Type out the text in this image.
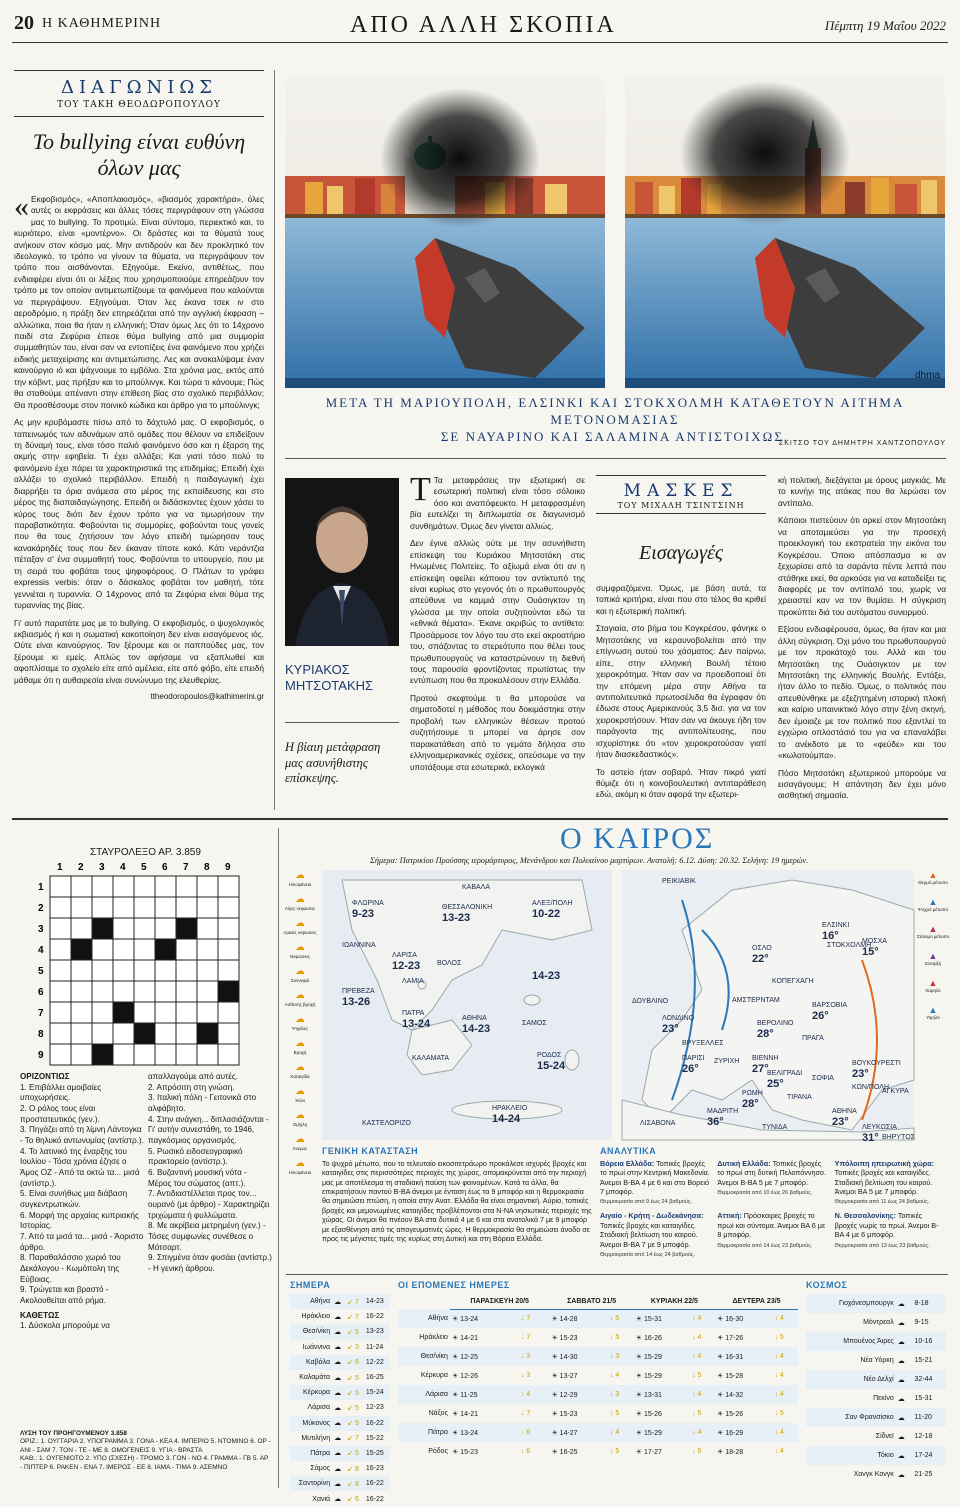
20 Η ΚΑΘΗΜΕΡΙΝΗ	ΑΠΟ ΑΛΛΗ ΣΚΟΠΙΑ	Πέμπτη 19 Μαΐου 2022
ΔΙΑΓΩΝΙΩΣ
ΤΟΥ ΤΑΚΗ ΘΕΟΔΩΡΟΠΟΥΛΟΥ
Το bullying είναι ευθύνη όλων μας

« Εκφοβισμός», «Αποπλακισμός», «βιασμός χαρακτήρα», όλες αυτές οι εκφράσεις και άλλες τόσες περιγράφουν στη γλώσσα μας το bullying. Το προτιμώ. Είναι σύντομο, περιεκτικό και, το κυριότερο, είναι «μοντέρνο». Οι δράστες και τα θύματά τους ανήκουν στον κόσμο μας. Μην αντιδρούν και δεν προκλητικό τον ιδεολογικό, το τρόπο να γίνουν τα θύματα, να περιγράψουν τον τρόπο που αισθάνονται. Εξηγούμε. Εκείνο, αντιθέτως, που ενδιαφέρει είναι ότι οι λέξεις που χρησιμοποιούμε επηρεάζουν τον τρόπο με τον οποίον αντιμετωπίζουμε τα φαινόμενα που καλούνται να περιγράψουν. Εξηγούμαι. Όταν λες έκανα τσεκ ιν στο αεροδρόμιο, η πράξη δεν επηρεάζεται από την αγγλική έκφραση – αλλιώτικα, ποια θα ήταν η ελληνική; Όταν όμως λες ότι το 14χρονο παιδί στα Ζεφύρια έπεσε θύμα bullying από μια συμμορία συμμαθητών του, είναι σαν να εντοπίζεις ένα φαινόμενο που χρήζει ειδικής μεταχείρισης και αντιμετώπισης. Λες και ανακαλύψαμε έναν καινούργιο ιό και ψάχνουμε το εμβόλιο. Στα χρόνια μας, εκτός από την κόβιντ, μας πρήξαν και το μπούλινγκ. Και τώρα τι κάνουμε; Πώς θα σταθούμε απέναντι στην επίθεση βίας στο σχολικό περιβάλλον; Θα προσθέσουμε στον ποινικό κώδικα και άρθρο για το μπούλινγκ;

Ας μην κρυβόμαστε πίσω από το δάχτυλό μας. Ο εκφοβισμός, ο ταπεινωμός των αδυνάμων από ομάδες που θέλουν να επιδείξουν τη δύναμή τους, είναι τόσο παλιό φαινόμενο όσο και η έξαρση της ακμής στην εφηβεία. Τι έχει αλλάξει; Και γιατί τόσο πολύ το φαινόμενο έχει πάρει τα χαρακτηριστικά της επιδημίας; Επειδή έχει αλλάξει το σχολικό περιβάλλον. Επειδή η παιδαγωγική έχει διαρρήξει τα όρια ανάμεσα στο μέρος της εκπαίδευσης και στο μέρος της διαπαιδαγώγησης. Επειδή οι διδάσκοντες έχουν χάσει το κύρος τους διότι δεν έχουν τρόπο για να τιμωρήσουν την παραβατικότητα. Φοβούνται τις συμμορίες, φοβούνται τους γονείς που θα τους ζητήσουν τον λόγο επειδή τιμώρησαν τους κανακάρηδές τους που δεν έκαναν τίποτε κακό. Κάτι νεράντζια πέταξαν σ' ένα συμμαθητή τους. Φοβούνται το υπουργείο, που με τη σειρά του φοβάται τους ψηφοφόρους. Ο Πλάτων το γράφει expressis verbis: όταν ο δάσκαλος φοβάται τον μαθητή, τότε γεννιέται η τυραννία. Ο 14χρονος από τα Ζεφύρια είναι θύμα της τυραννίας της βίας.

Γι' αυτό παρατάτε μας με το bullying. Ο εκφοβισμός, ο ψυχολογικός εκβιασμός ή και η σωματική κακοποίηση δεν είναι εισαγόμενος ιός. Ούτε είναι καινούργιος. Τον ξέρουμε και οι παππούδες μας, τον ξέρουμε κι εμείς. Απλώς τον αφήσαμε να εξαπλωθεί και αφοπλίσαμε το σχολείο είτε από αμέλεια, είτε από φόβο, είτε επειδή μάθαμε ότι η αυθαιρεσία είναι συνώνυμο της ελευθερίας.

ttheodoropoulos@kathimerini.gr
dhma
ΜΕΤΑ ΤΗ ΜΑΡΙΟΥΠΟΛΗ, ΕΛΣΙΝΚΙ ΚΑΙ ΣΤΟΚΧΟΛΜΗ ΚΑΤΑΘΕΤΟΥΝ ΑΙΤΗΜΑ ΜΕΤΟΝΟΜΑΣΙΑΣ
ΣΕ ΝΑΥΑΡΙΝΟ ΚΑΙ ΣΑΛΑΜΙΝΑ ΑΝΤΙΣΤΟΙΧΩΣ.
ΣΚΙΤΣΟ ΤΟΥ ΔΗΜΗΤΡΗ ΧΑΝΤΖΟΠΟΥΛΟΥ
ΚΥΡΙΑΚΟΣ
ΜΗΤΣΟΤΑΚΗΣ
Η βίαιη μετάφραση μας ασυνήθιστης επίσκεψης.

Τ Τα μεταφράσεις την εξωτερική σε εσωτερική πολιτική είναι τόσο σόλοικο όσο και αναπόφευκτο. Η μεταφρασμένη βία ευτελίζει τη διπλωματία σε διαγωνισμό συνθημάτων. Όμως δεν γίνεται αλλιώς.

Δεν έγινε αλλιώς ούτε με την ασυνήθιστη επίσκεψη του Κυριάκου Μητσοτάκη στις Ηνωμένες Πολιτείες. Το αξίωμά είναι ότι αν η επίσκεψη οφείλει κάποιου τον αντίκτυπό της είναι κυρίως στο γεγονός ότι ο πρωθυπουργός απεύθυνε να καμμιά στην Ουάσιγκτον τη γλώσσα με την οποία συζητιούνται εδώ τα «εθνικά θέματα». Έκανε ακριβώς το αντίθετο: Προσάρμοσε τον λόγο του στο εκεί ακροατήριο του, σπάζοντας το στερεότυπο που θέλει τους πρωθυπουργούς να καταστρώνουν τη διεθνή τους παρουσία φροντίζοντας πρωτίστως την εντύπωση που θα προκαλέσουν στην Ελλάδα.

Προτού σκεφτούμε τι θα μπορούσε να σηματοδοτεί η μέθοδος που δοκιμάστηκε στην προβολή των ελληνικών θέσεων προτού συζητήσουμε τι μπορεί να άρησε σον παρακατάθεση από το γεμάτο δήλησα στο ελληνοαμερικανικές σχέσεις, οπεύσωμε να την υποτάξουμε στα εσωτερικά, εκλογικά

ΜΑΣΚΕΣ
ΤΟΥ ΜΙΧΑΛΗ ΤΣΙΝΤΣΙΝΗ
Εισαγωγές

συμφραζόμενα. Όμως, με βάση αυτά, τα τοπικά κριτήρια, είναι που στο τέλος θα κριθεί και η εξωτερική πολιτική.

Σταγιαία, στο βήμα του Κογκρέσου, φάνηκε ο Μητσοτάκης να κεραυνοβολείται από την επίγνωση αυτού του χάσματος: Δεν παίρνω, είπε, στην ελληνική Βουλή τέτοιο χειροκρότημα. Ήταν σαν να προειδοποιεί ότι την επόμενη μέρα στην Αθήνα τα αντιπολιτευτικά πρωτοσέλιδα θα έγραφαν ότι έδωσε στους Αμερικανούς 3,5 δισ. για να τον χειροκροτήσουν. Ήταν σαν να άκουγε ήδη τον παράγοντα της αντιπολίτευσης, που ισχυρίστηκε ότι «τον χειροκροτούσαν γιατί ήταν διασκεδαστικός».

Το αστείο ήταν σοβαρό. Ήταν πικρό γιατί θύμιζε ότι η κοινοβουλευτική αντιπαράθεση εδώ, ακόμη κι όταν αφορά την εξωτερι-

κή πολιτική, διεξάγεται με όρους μαγκιάς. Με το κυνήγι της ατάκας που θα λερώσει τον αντίπαλο.

Κάποιοι πιστεύουν ότι αρκεί στον Μητσοτάκη να αποταμιεύσει για την προσεχή προεκλογική του εκστρατεία την εικόνα του Κογκρέσου. Όποιο απόσπασμα κι αν ξεχωρίσει από τα σαράντα πέντε λεπτά που στάθηκε εκεί, θα αρκούσε για να καταδείξει τις διαφορές με τον αντίπαλό του, χωρίς να χρειαστεί καν να τον θυμίσει. Η σύγκριση προκύπτει διά του αυτόματου συνειρμού.

Εξίσου ενδιαφέρουσα, όμως, θα ήταν και μια άλλη σύγκριση. Όχι μόνο του πρωθυπουργού με τον προκάτοχό του. Αλλά και του Μητσοτάκη της Ουάσιγκτον με τον Μητσοτάκη της ελληνικής Βουλής. Εντάξει, ήταν άλλο το πεδίο. Όμως, ο πολιτικός που απευθύνθηκε με εξεζητημένη ιστορική πλοκή και καίριο υπαινικτικό λόγο στην ξένη σκηνή, δεν έμοιαζε με τον πολιτικό που εξαντλεί το εγχώριο οπλοστάσιό του για να επαναλάβει το ανέκδοτο με το «φεύδε» και του «κωλοτούμπα».

Πόσο Μητσοτάκη εξωτερικού μπορούμε να εισαγάγουμε; Η απάντηση δεν έχει μόνο αισθητική σημασία.

ΣΤΑΥΡΟΛΕΞΟ ΑΡ. 3.859
1 2 3 4 5 6 7 8 9
1
2
3
4
5
6
7
8
9
ΟΡΙΖΟΝΤΙΩΣ
1. Επιβάλλει αμοιβαίες υποχωρήσεις.
2. Ο ρόλος τους είναι προστατευτικός (γεν.).
3. Πηγάζει από τη λίμνη Λάντογκα - Το θηλυκό αντωνυμίας (αντίστρ.).
4. Το λατινικό της έναρξης του Ιουλίου - Τόσα χρόνια έζησε ο Άμος ΟΖ - Από τα οκτώ τα... μισά (αντίστρ.).
5. Είναι συνήθως μια διάβαση συγκεντρωτικών.
6. Μορφή της αρχαίας κυπριακής Ιστορίας.
7. Από τα μισά τα... μισά - Άοριστο άρθρο.
8. Παραθαλάσσιο χωριό του Δεκάλογου - Κωμόπολη της Εύβοιας.
9. Τρώγεται και βραστό - Ακολουθείται από ρήμα.
ΚΑΘΕΤΩΣ
1. Δύσκολα μπορούμε να
απαλλαγούμε από αυτές.
2. Απρόσιτη στη γνώση.
3. Ιταλική πόλη - Γειτονικά στο αλφάβητο.
4. Στην ανάγκη... διπλασιάζονται - Γι' αυτήν συνεστάθη, το 1946, παγκόσμιος οργανισμός.
5. Ρωσικό ειδοσεογραφικό πρακτορείο (αντίστρ.).
6. Βυζαντινή μουσική νότα - Μέρος του σώματος (απτ.).
7. Αντιδιαστέλλεται προς τον... ουρανό (με άρθρο) - Χαρακτηρίζει τριχώματα ή φυλλώματα.
8. Με ακρίβεια μετρημένη (γεν.) - Τόσες συμφωνίες συνέθεσε ο Μότσαρτ.
9. Σπιγμένα όταν φυσάει (αντίστρ.) - Η γενική άρθρου.
ΛΥΣΗ ΤΟΥ ΠΡΟΗΓΟΥΜΕΝΟΥ 3.858
ΟΡΙΖ.: 1. ΟΥΓΓΑΡΙΑ 2. ΥΠΟΓΡΑΜΜΑ 3. ΓΟΝΑ - ΚΕΑ 4. ΙΜΠΕΡΙΟ 5. ΝΤΟΜΙΝΟ 6. ΟΡ - ΑΝΙ - ΣΑΜ 7. ΤΟΝ - ΤΕ - ΜΕ 8. ΟΜΟΓΕΝΕΙΣ 9. ΥΓΙΑ - ΒΡΑΣΤΑ
ΚΑΘ.: 1. ΟΥΓΕΝΙΟΤΟ 2. ΥΠΟ (ΣΧΕΣΗ) - ΤΡΟΜΟ 3. ΓΟΝ - ΝΟ 4. ΓΡΑΜΜΑ - ΓΒ 5. ΑΡ - ΠΙΠΤΕΡ 6. ΡΑΚΕΝ - ΕΝΑ 7. ΙΜΕΡΟΣ - ΕΕ 8. ΙΑΜΑ - ΤΙΜΑ 9. ΑΣΕΜΝΟ
Ο ΚΑΙΡΟΣ
Σήμερα: Πατρικίου Προύσσης ιερομάρτυρος, Μενάνδρου και Πολυαίνου μαρτύρων. Ανατολή: 6.12. Δύση: 20.32. Σελήνη: 19 ημερών.
☁
Ηλιοφάνεια
☁
Λίγες νεφώσεις
☁
Αραιές νεφώσεις
☁
Νεφώσεις
☁
Συννεφιά
☁
Ασθενής βροχή
☁
Ψιχάλες
☁
Βροχή
☁
Καταιγίδα
☁
Χιόνι
☁
Ομίχλη
☁
Άνεμος
☁
Ηλιοφάνεια
▲
Θερμό μέτωπο
▲
Ψυχρό μέτωπο
▲
Στάσιμο μέτωπο
▲
Σύσφιξη
▲
Χαμηλό
▲
Υψηλό
ΦΛΩΡΙΝΑ
9-23
ΚΑΒΑΛΑ
ΘΕΣΣΑΛΟΝΙΚΗ
13-23
ΑΛΕΞ/ΠΟΛΗ
10-22
ΙΩΑΝΝΙΝΑ
ΛΑΡΙΣΑ
12-23 ΒΟΛΟΣ
ΛΑΜΙΑ	14-23
ΠΡΕΒΕΖΑ
13-26
ΠΑΤΡΑ
13-24	ΑΘΗΝΑ
14-23	ΣΑΜΟΣ
ΚΑΛΑΜΑΤΑ	ΡΟΔΟΣ
15-24
ΗΡΑΚΛΕΙΟ
14-24
ΚΑΣΤΕΛΟΡΙΖΟ
ΡΕΙΚΙΑΒΙΚ
ΕΛΣΙΝΚΙ
16°
ΣΤΟΚΧΟΛΜΗ
ΟΣΛΟ
22°
ΜΟΣΧΑ
15°
ΚΟΠΕΓΧΑΓΗ
ΔΟΥΒΛΙΝΟ	ΑΜΣΤΕΡΝΤΑΜ
ΒΑΡΣΟΒΙΑ
26°
ΛΟΝΔΙΝΟ
23°	ΒΕΡΟΛΙΝΟ
28°
ΒΡΥΞΕΛΛΕΣ
ΠΡΑΓΑ
ΠΑΡΙΣΙ
26°
ΖΥΡΙΧΗ ΒΙΕΝΝΗ
27°
ΒΕΛΙΓΡΑΔΙ
25°
ΒΟΥΚΟΥΡΕΣΤΙ
23°
ΣΟΦΙΑ
ΡΩΜΗ
28°
ΤΙΡΑΝΑ
ΚΩΝ/ΠΟΛΗ
ΑΓΚΥΡΑ
ΜΑΔΡΙΤΗ
36°
ΛΙΣΑΒΟΝΑ
ΑΘΗΝΑ
23° ΛΕΥΚΩΣΙΑ
31°
ΤΥΝΙΔΑ
ΒΗΡΥΤΟΣ
ΓΕΝΙΚΗ ΚΑΤΑΣΤΑΣΗ
Το ψυχρό μέτωπο, που το τελευταίο εικοσιτετράωρο προκάλεσε ισχυρές βροχές και καταιγίδες στις περισσότερες περιοχές της χώρας, απομακρύνεται από την περιοχή μας με αποτέλεσμα τη σταδιακή παύση των φαινομένων. Κατά τα άλλα, θα επικρατήσουν παντού Β-ΒΑ άνεμοι με ένταση έως τα 9 μποφόρ και η θερμοκρασία θα σημειώσει πτώση, η οποία στην Ανατ. Ελλάδα θα είναι σημαντική. Αύριο, τοπικές βροχές και μεμονωμένες καταιγίδες προβλέπονται στα Ν-ΝΑ νησιωτικές περιοχές της χώρας. Οι άνεμοι θα πνέουν ΒΑ στα δυτικά 4 με 6 και στα ανατολικά 7 με 9 μποφόρ με εξασθένηση από τις απογευματινές ώρες. Η θερμοκρασία θα σημειώσει άνοδο σε προς τις μέγιστες τιμές της κυρίως στη Δυτική και στη Βόρεια Ελλάδα.
ΑΝΑΛΥΤΙΚΑ
Βόρεια Ελλάδα: Τοπικές βροχές το πρωί στην Κεντρική Μακεδονία. Άνεμοι Β-ΒΑ 4 με 6 και στο Βορειό 7 μποφόρ.
Θερμοκρασία από 9 έως 24 βαθμούς.
Δυτική Ελλάδα: Τοπικές βροχές το πρωί στη δυτική Πελοπόννησο. Άνεμοι Β-ΒΑ 5 με 7 μποφόρ.
Θερμοκρασία από 10 έως 26 βαθμούς.
Υπόλοιπη ηπειρωτική χώρα: Τοπικές βροχές και καταιγίδες. Σταδιακή βελτίωση του καιρού. Άνεμοι ΒΑ 5 με 7 μποφόρ.
Θερμοκρασία από 11 έως 24 βαθμούς.
Αιγαίο - Κρήτη - Δωδεκάνησα: Τοπικές βροχές και καταιγίδες. Σταδιακή βελτίωση του καιρού. Άνεμοι Β-ΒΑ 7 με 9 μποφόρ.
Θερμοκρασία από 14 έως 24 βαθμούς.
Αττική: Πρόσκαιρες βροχές το πρωί και σύντομα. Άνεμοι ΒΑ 6 με 8 μποφόρ.
Θερμοκρασία από 14 έως 23 βαθμούς.
Ν. Θεσσαλονίκης: Τοπικές βροχές νωρίς το πρωί. Άνεμοι Β-ΒΑ 4 με 6 μποφόρ.
Θερμοκρασία από 13 έως 23 βαθμούς.
ΣΗΜΕΡΑ
Αθήνα	☁	↙ 7	14-23
Ηράκλειο	☁	↙ 7	16-22
Θεσ/νίκη	☁	↙ 5	13-23
Ιωάννινα	☁	↙ 3	11-24
Καβάλα	☁	↙ 6	12-22
Καλαμάτα	☁	↙ 5	16-25
Κέρκυρα	☁	↙ 5	15-24
Λάρισα	☁	↙ 5	12-23
Μύκονος	☁	↙ 9	16-22
Μυτιλήνη	☁	↙ 7	15-22
Πάτρα	☁	↙ 5	15-25
Σάμος	☁	↙ 8	16-23
Σαντορίνη	☁	↙ 8	16-22
Χανιά	☁	↙ 6	16-22
ΟΙ ΕΠΟΜΕΝΕΣ ΗΜΕΡΕΣ
	ΠΑΡΑΣΚΕΥΗ 20/5		ΣΑΒΒΑΤΟ 21/5		ΚΥΡΙΑΚΗ 22/5		ΔΕΥΤΕΡΑ 23/5	
Αθήνα	☀ 13-24	↓ 7	☀ 14-28	↓ 5	☀ 15-31	↓ 4	☀ 16-30	↓ 4
Ηράκλειο	☀ 14-21	↓ 7	☀ 15-23	↓ 5	☀ 16-26	↓ 4	☀ 17-26	↓ 5
Θεσ/νίκη	☀ 12-25	↓ 3	☀ 14-30	↓ 3	☀ 15-29	↓ 4	☀ 16-31	↓ 4
Κέρκυρα	☀ 12-26	↓ 3	☀ 13-27	↓ 4	☀ 15-29	↓ 5	☀ 15-28	↓ 4
Λάρισα	☀ 11-25	↓ 4	☀ 12-29	↓ 3	☀ 13-31	↓ 4	☀ 14-32	↓ 4
Νάξος	☀ 14-21	↓ 7	☀ 15-23	↓ 5	☀ 15-26	↓ 5	☀ 15-26	↓ 5
Πάτρα	☀ 13-24	↓ 6	☀ 14-27	↓ 4	☀ 15-29	↓ 4	☀ 16-29	↓ 4
Ρόδος	☀ 15-23	↓ 6	☀ 16-25	↓ 5	☀ 17-27	↓ 5	☀ 18-28	↓ 4
ΚΟΣΜΟΣ
Γιοχάνεσμπουργκ	☁	8-18
Μόντρεαλ	☁	9-15
Μπουένος Άιρες	☁	10-16
Νέα Υόρκη	☁	15-21
Νέο Δελχί	☁	32-44
Πεκίνο	☁	15-31
Σαν Φρανσίσκο	☁	11-20
Σίδνεϊ	☁	12-18
Τόκιο	☁	17-24
Χονγκ Κονγκ	☁	21-25
